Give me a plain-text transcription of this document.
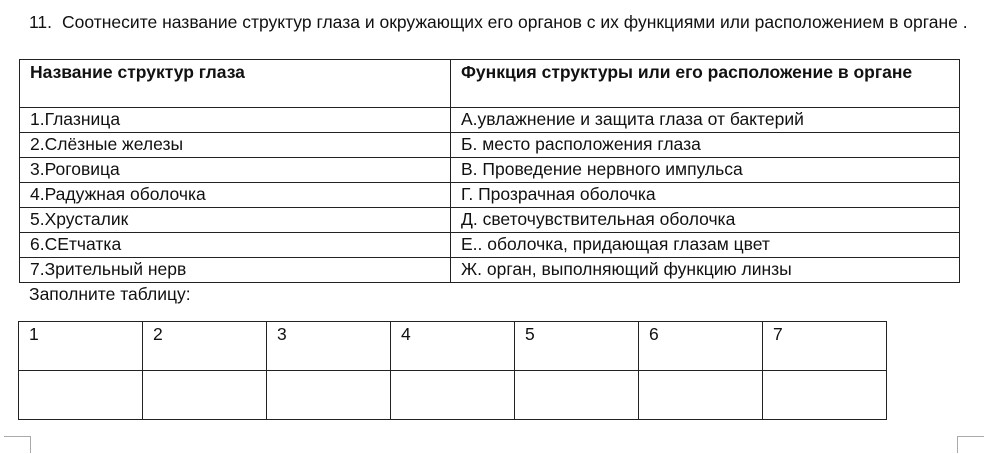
11. Соотнесите название структур глаза и окружающих его органов с их функциями или расположением в органе .

Название структур глаза	Функция структуры или его расположение в органе
1.Глазница	А.увлажнение и защита глаза от бактерий
2.Слёзные железы	Б. место расположения глаза
3.Роговица	В. Проведение нервного импульса
4.Радужная оболочка	Г. Прозрачная оболочка
5.Хрусталик	Д. светочувствительная оболочка
6.СЕтчатка	Е.. оболочка, придающая глазам цвет
7.Зрительный нерв	Ж. орган, выполняющий функцию линзы

Заполните таблицу:

1	2	3	4	5	6	7
